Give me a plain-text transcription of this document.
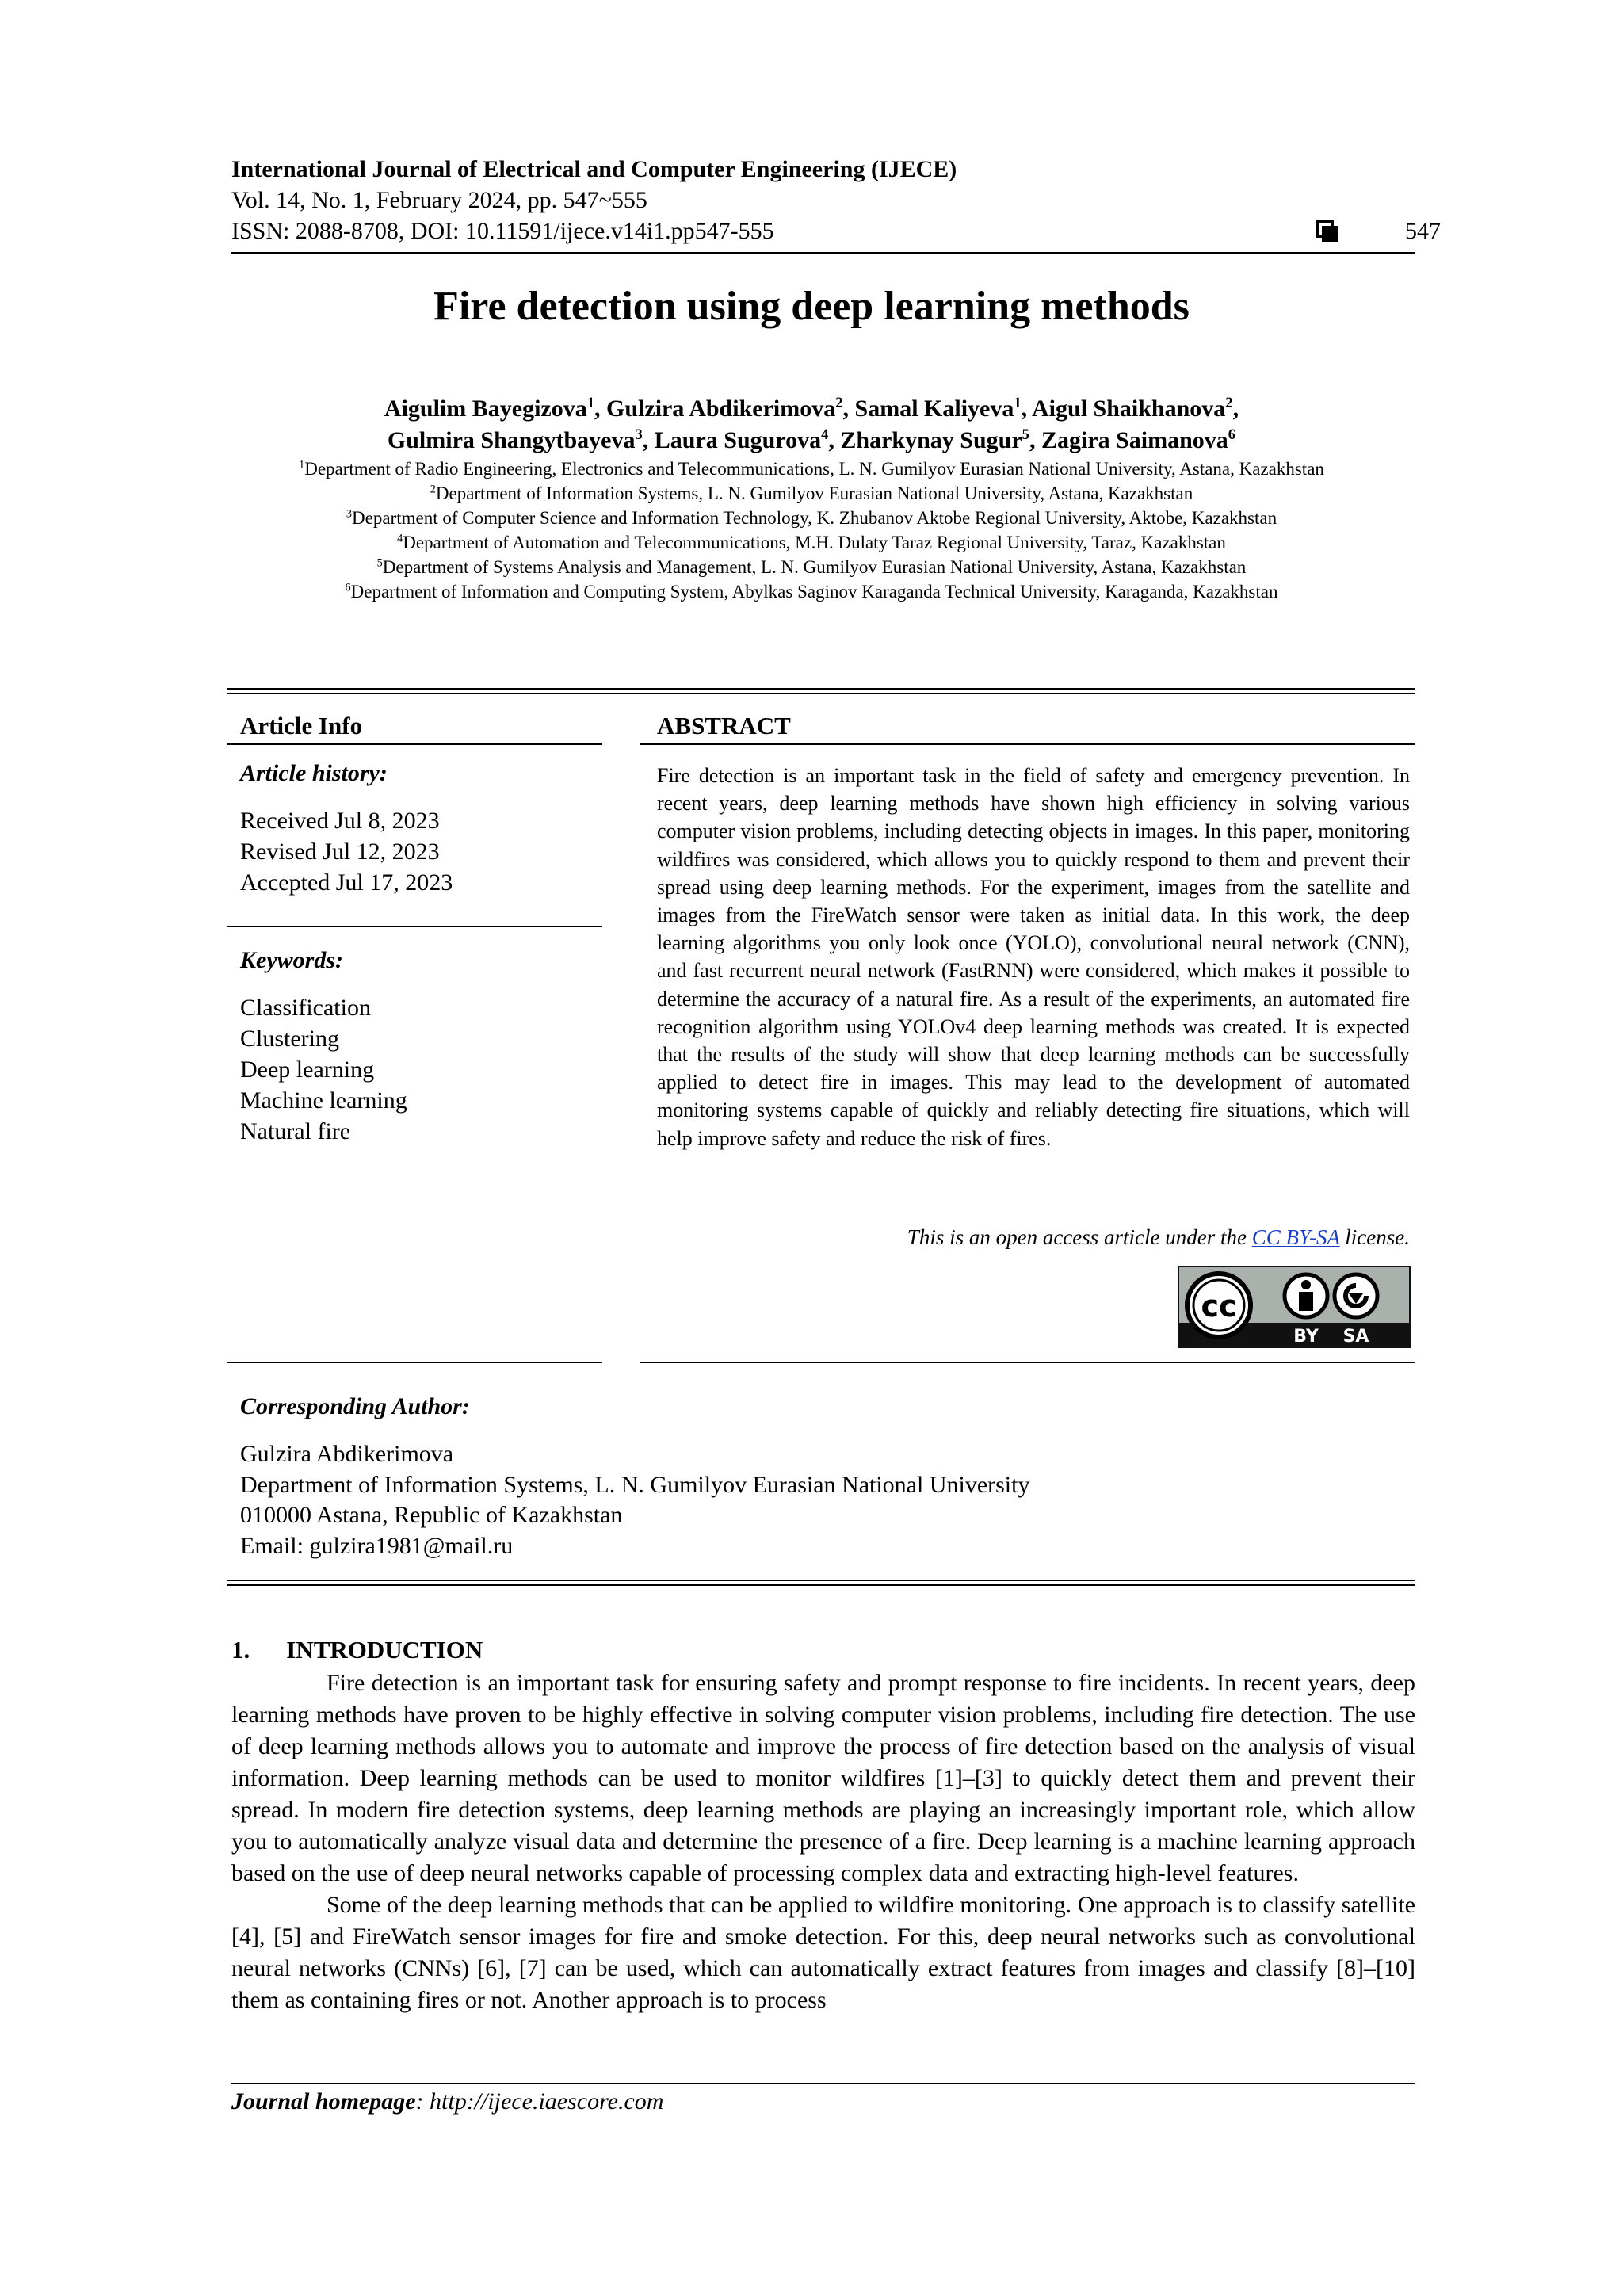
International Journal of Electrical and Computer Engineering (IJECE)
Vol. 14, No. 1, February 2024, pp. 547~555
ISSN: 2088-8708, DOI: 10.11591/ijece.v14i1.pp547-555	547
Fire detection using deep learning methods
Aigulim Bayegizova$^1$, Gulzira Abdikerimova$^2$, Samal Kaliyeva$^1$, Aigul Shaikhanova$^2$,
Gulmira Shangytbayeva$^3$, Laura Sugurova$^4$, Zharkynay Sugur$^5$, Zagira Saimanova$^6$
$^1$Department of Radio Engineering, Electronics and Telecommunications, L. N. Gumilyov Eurasian National University, Astana, Kazakhstan
$^2$Department of Information Systems, L. N. Gumilyov Eurasian National University, Astana, Kazakhstan
$^3$Department of Computer Science and Information Technology, K. Zhubanov Aktobe Regional University, Aktobe, Kazakhstan
$^4$Department of Automation and Telecommunications, M.H. Dulaty Taraz Regional University, Taraz, Kazakhstan
$^5$Department of Systems Analysis and Management, L. N. Gumilyov Eurasian National University, Astana, Kazakhstan
$^6$Department of Information and Computing System, Abylkas Saginov Karaganda Technical University, Karaganda, Kazakhstan
Article Info
Article history:
Received Jul 8, 2023
Revised Jul 12, 2023
Accepted Jul 17, 2023
Keywords:
Classification
Clustering
Deep learning
Machine learning
Natural fire
ABSTRACT
Fire detection is an important task in the field of safety and emergency prevention. In recent years, deep learning methods have shown high efficiency in solving various computer vision problems, including detecting objects in images. In this paper, monitoring wildfires was considered, which allows you to quickly respond to them and prevent their spread using deep learning methods. For the experiment, images from the satellite and images from the FireWatch sensor were taken as initial data. In this work, the deep learning algorithms you only look once (YOLO), convolutional neural network (CNN), and fast recurrent neural network (FastRNN) were considered, which makes it possible to determine the accuracy of a natural fire. As a result of the experiments, an automated fire recognition algorithm using YOLOv4 deep learning methods was created. It is expected that the results of the study will show that deep learning methods can be successfully applied to detect fire in images. This may lead to the development of automated monitoring systems capable of quickly and reliably detecting fire situations, which will help improve safety and reduce the risk of fires.
This is an open access article under the CC BY-SA license.
cc
BY SA
Corresponding Author:
Gulzira Abdikerimova
Department of Information Systems, L. N. Gumilyov Eurasian National University
010000 Astana, Republic of Kazakhstan
Email: gulzira1981@mail.ru
1. INTRODUCTION

Fire detection is an important task for ensuring safety and prompt response to fire incidents. In recent years, deep learning methods have proven to be highly effective in solving computer vision problems, including fire detection. The use of deep learning methods allows you to automate and improve the process of fire detection based on the analysis of visual information. Deep learning methods can be used to monitor wildfires [1]–[3] to quickly detect them and prevent their spread. In modern fire detection systems, deep learning methods are playing an increasingly important role, which allow you to automatically analyze visual data and determine the presence of a fire. Deep learning is a machine learning approach based on the use of deep neural networks capable of processing complex data and extracting high-level features.

Some of the deep learning methods that can be applied to wildfire monitoring. One approach is to classify satellite [4], [5] and FireWatch sensor images for fire and smoke detection. For this, deep neural networks such as convolutional neural networks (CNNs) [6], [7] can be used, which can automatically extract features from images and classify [8]–[10] them as containing fires or not. Another approach is to process

Journal homepage: http://ijece.iaescore.com
